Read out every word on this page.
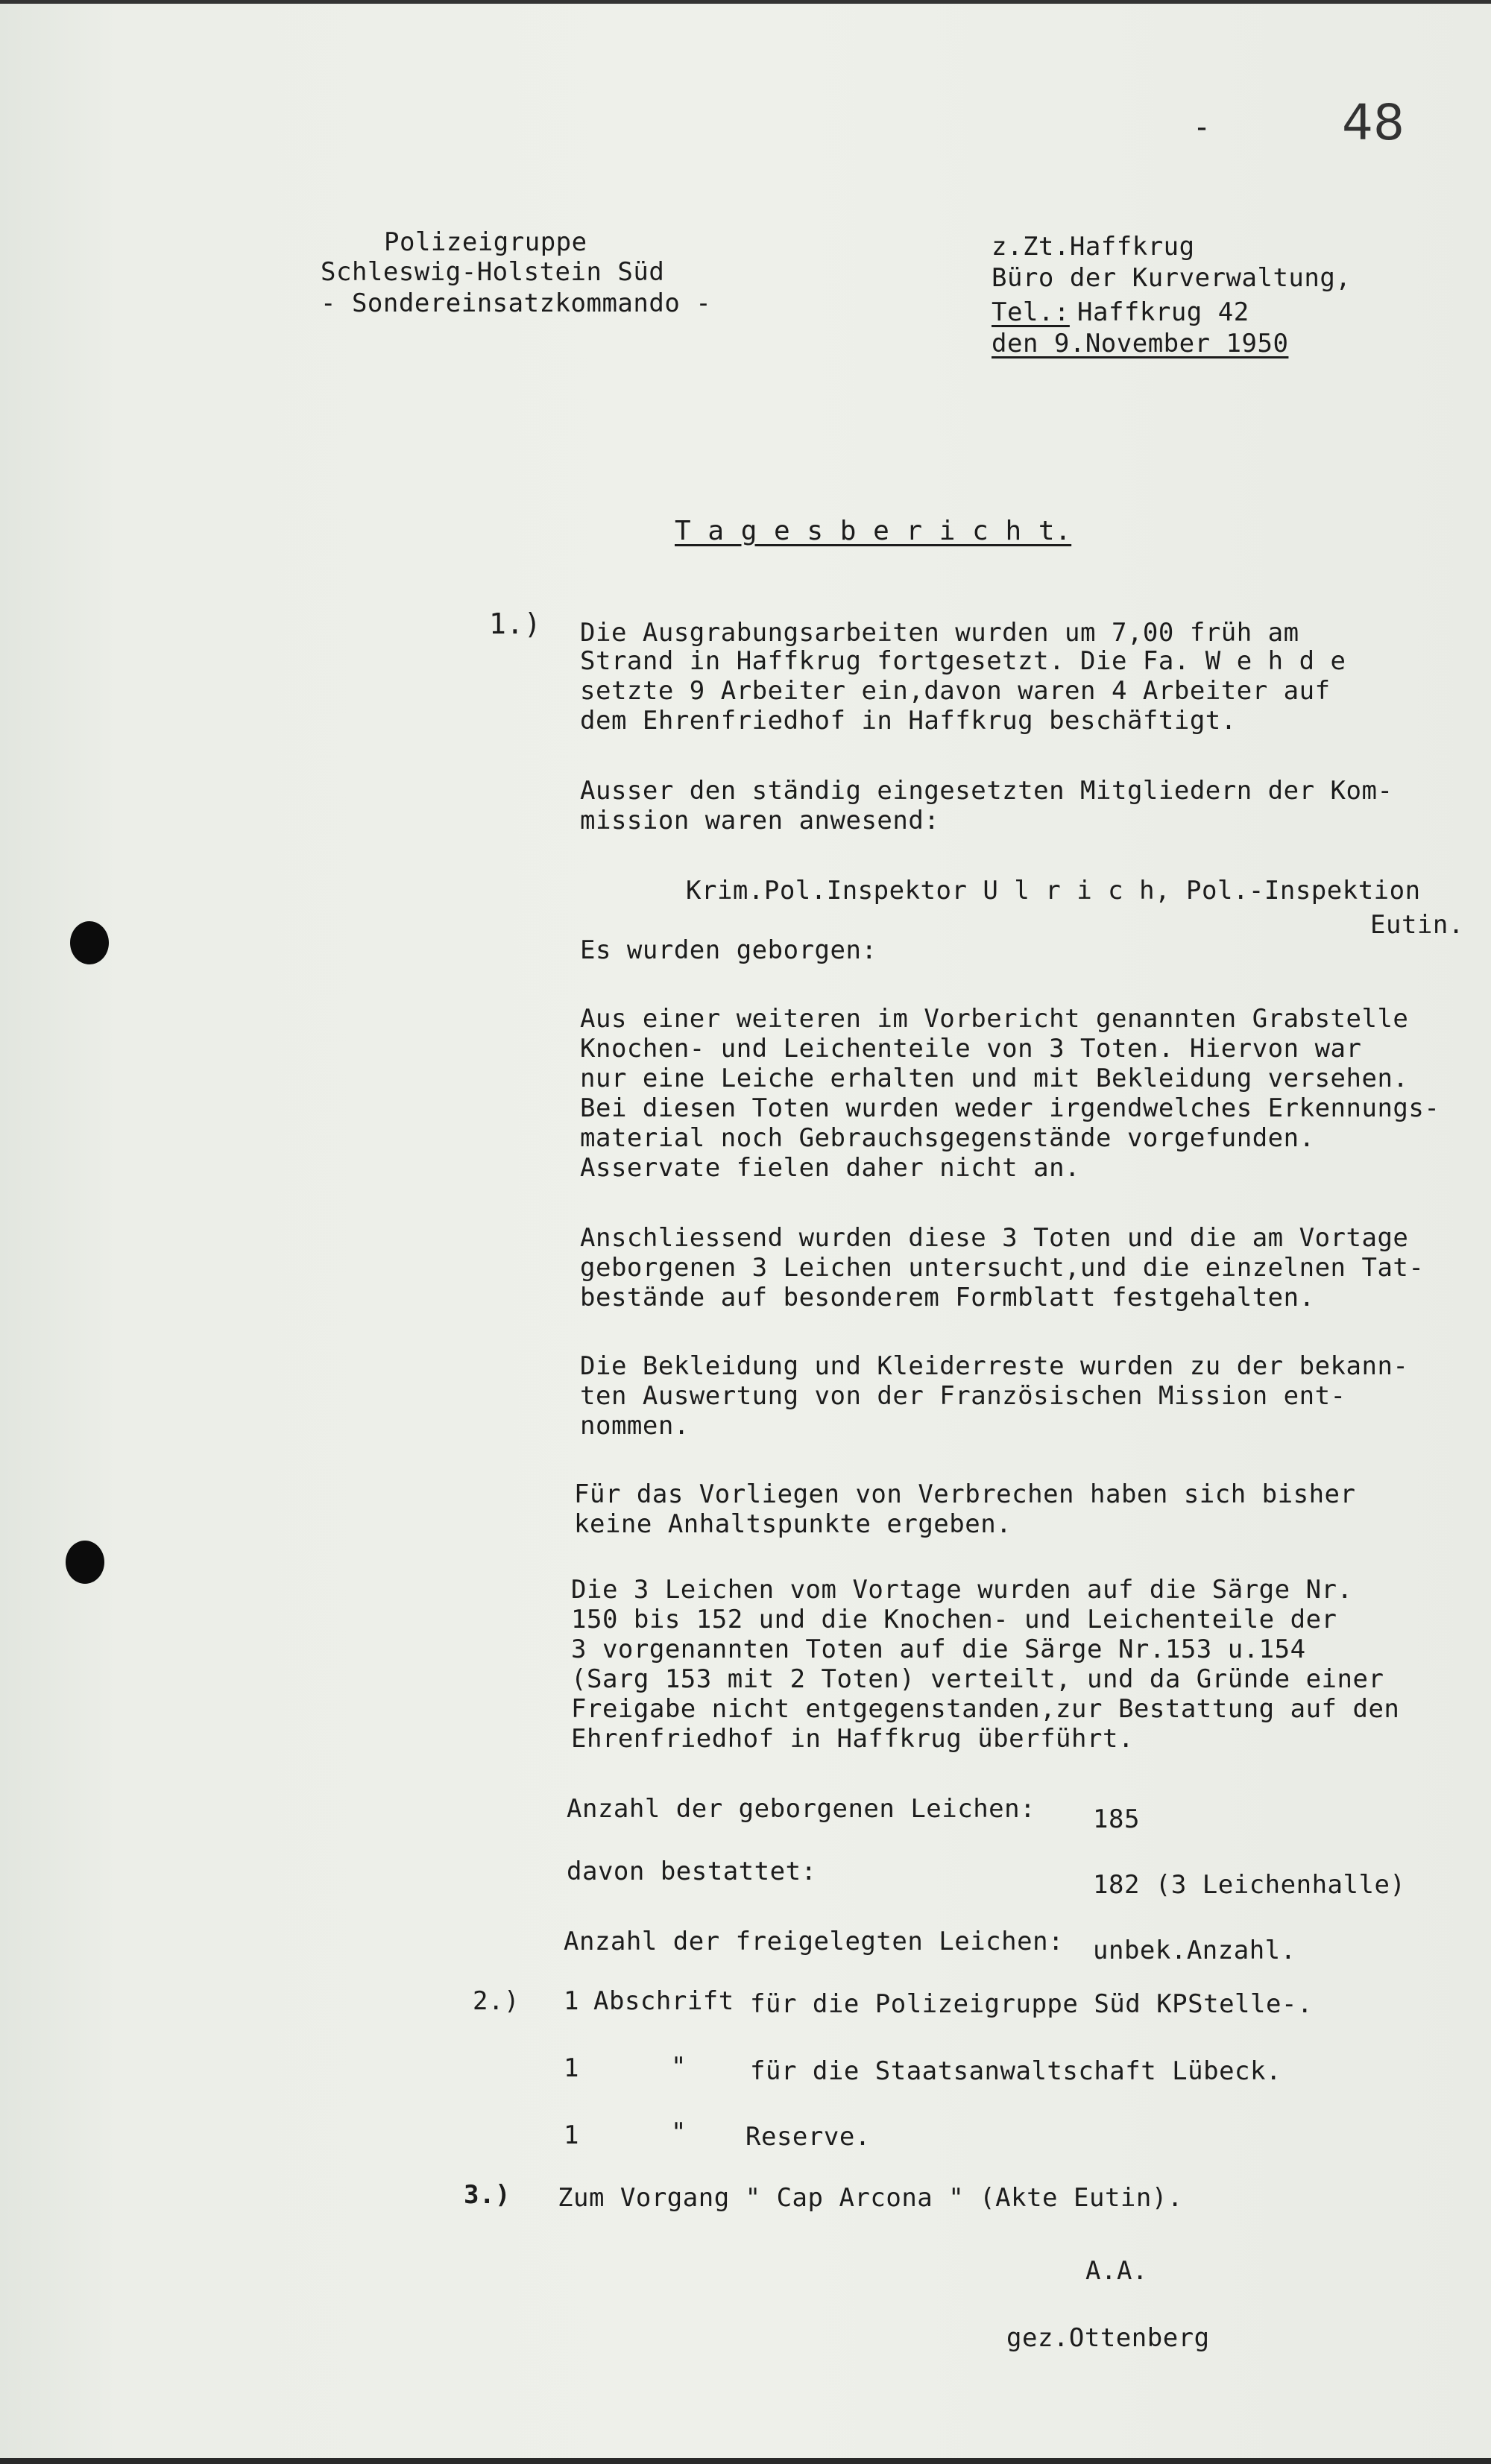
-	48
Polizeigruppe
Schleswig-Holstein Süd
- Sondereinsatzkommando -
z.Zt.Haffkrug
Büro der Kurverwaltung,
Tel.: Haffkrug 42
den 9.November 1950
T a g e s b e r i c h t.
1.) Die Ausgrabungsarbeiten wurden um 7,00 früh am
Strand in Haffkrug fortgesetzt. Die Fa. W e h d e
setzte 9 Arbeiter ein,davon waren 4 Arbeiter auf
dem Ehrenfriedhof in Haffkrug beschäftigt.
Ausser den ständig eingesetzten Mitgliedern der Kom-
mission waren anwesend:
Krim.Pol.Inspektor U l r i c h, Pol.-Inspektion
Eutin.
Es wurden geborgen:
Aus einer weiteren im Vorbericht genannten Grabstelle
Knochen- und Leichenteile von 3 Toten. Hiervon war
nur eine Leiche erhalten und mit Bekleidung versehen.
Bei diesen Toten wurden weder irgendwelches Erkennungs-
material noch Gebrauchsgegenstände vorgefunden.
Asservate fielen daher nicht an.
Anschliessend wurden diese 3 Toten und die am Vortage
geborgenen 3 Leichen untersucht,und die einzelnen Tat-
bestände auf besonderem Formblatt festgehalten.
Die Bekleidung und Kleiderreste wurden zu der bekann-
ten Auswertung von der Französischen Mission ent-
nommen.
Für das Vorliegen von Verbrechen haben sich bisher
keine Anhaltspunkte ergeben.
Die 3 Leichen vom Vortage wurden auf die Särge Nr.
150 bis 152 und die Knochen- und Leichenteile der
3 vorgenannten Toten auf die Särge Nr.153 u.154
(Sarg 153 mit 2 Toten) verteilt, und da Gründe einer
Freigabe nicht entgegenstanden,zur Bestattung auf den
Ehrenfriedhof in Haffkrug überführt.
Anzahl der geborgenen Leichen: 185
davon bestattet:	182 (3 Leichenhalle)
Anzahl der freigelegten Leichen: unbek.Anzahl.
2.) 1 Abschrift für die Polizeigruppe Süd KPStelle-.
1	"	für die Staatsanwaltschaft Lübeck.
1	" Reserve.
3.) Zum Vorgang " Cap Arcona " (Akte Eutin).
A.A.
gez.Ottenberg
